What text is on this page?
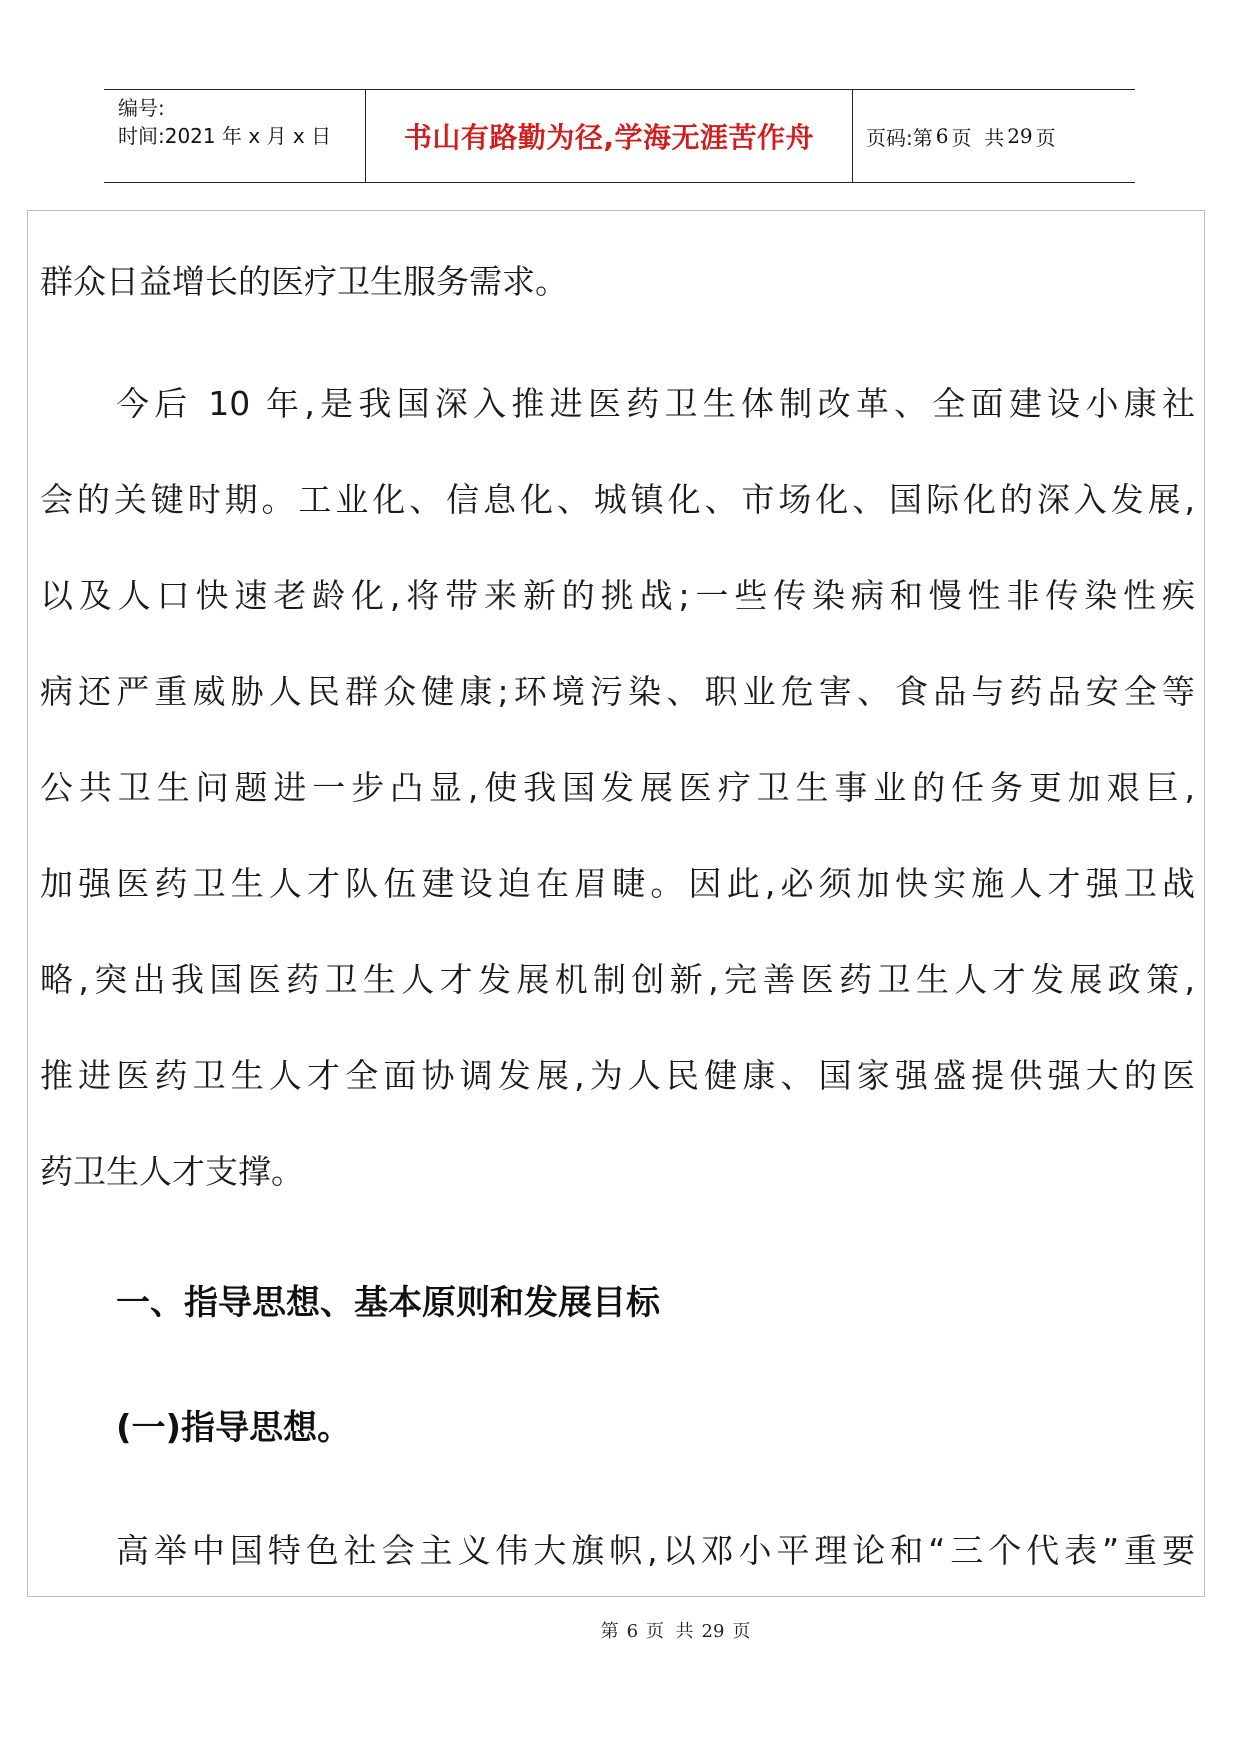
编号:
时间:2021 年 x 月 x 日	书山有路勤为径,学海无涯苦作舟	页码:第 6 页  共 29 页
群众日益增长的医疗卫生服务需求。
今后 10 年,是我国深入推进医药卫生体制改革、全面建设小康社
会的关键时期。工业化、信息化、城镇化、市场化、国际化的深入发展,
以及人口快速老龄化,将带来新的挑战;一些传染病和慢性非传染性疾
病还严重威胁人民群众健康;环境污染、职业危害、食品与药品安全等
公共卫生问题进一步凸显,使我国发展医疗卫生事业的任务更加艰巨,
加强医药卫生人才队伍建设迫在眉睫。因此,必须加快实施人才强卫战
略,突出我国医药卫生人才发展机制创新,完善医药卫生人才发展政策,
推进医药卫生人才全面协调发展,为人民健康、国家强盛提供强大的医
药卫生人才支撑。
一、指导思想、基本原则和发展目标
(一)指导思想。
高举中国特色社会主义伟大旗帜,以邓小平理论和“三个代表”重要
第 6 页  共 29 页
